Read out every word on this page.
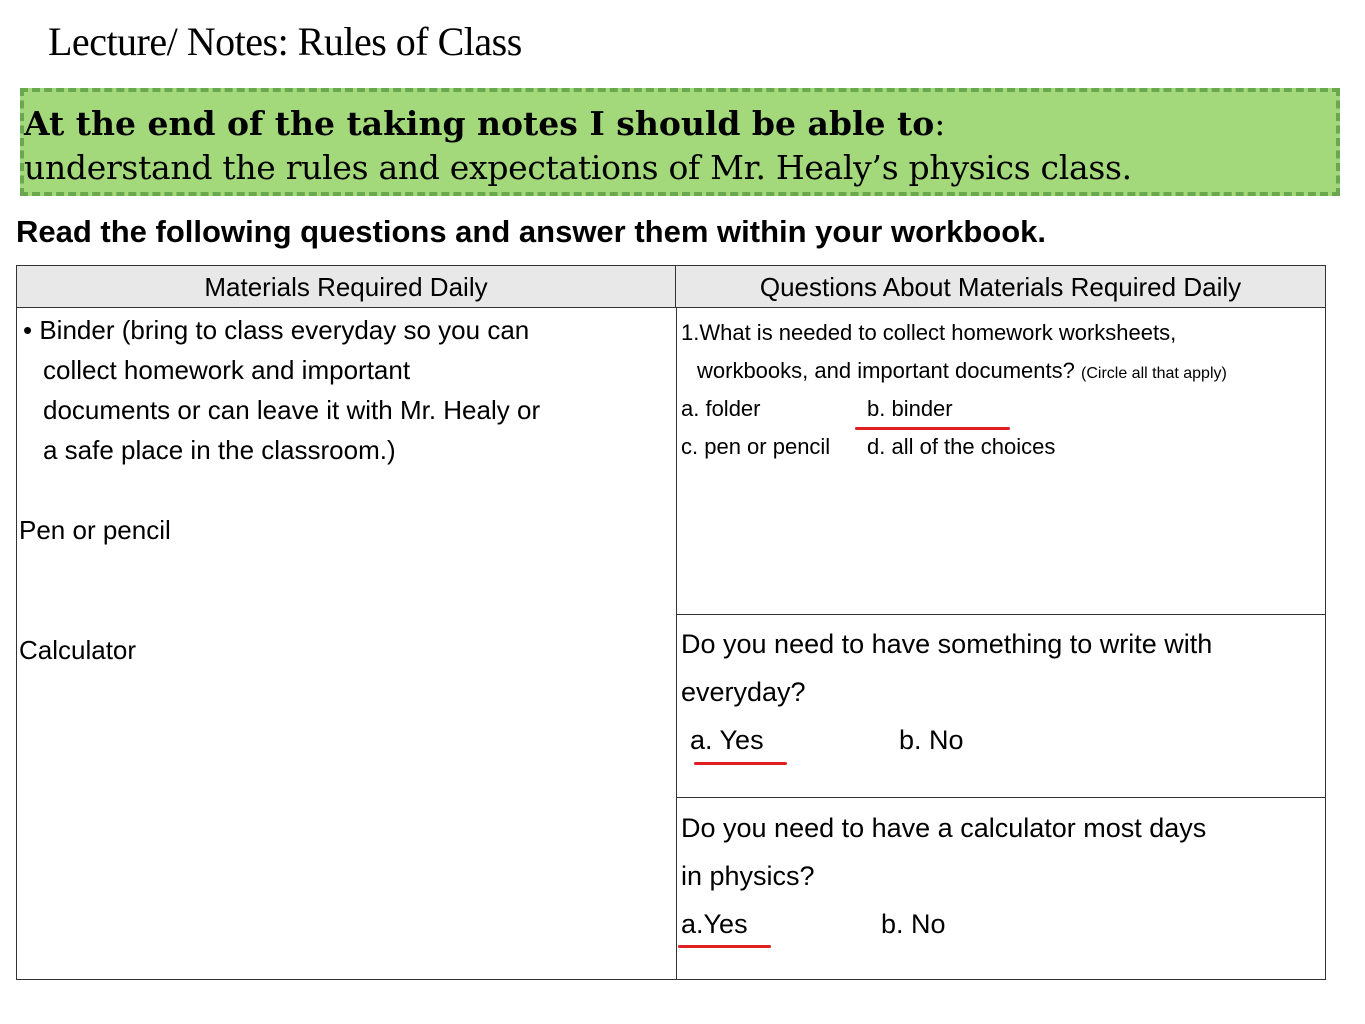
Lecture/ Notes: Rules of Class
At the end of the taking notes I should be able to:
understand the rules and expectations of Mr. Healy’s physics class.
Read the following questions and answer them within your workbook.
Materials Required Daily	Questions About Materials Required Daily
• Binder (bring to class everyday so you can
collect homework and important
documents or can leave it with Mr. Healy or
a safe place in the classroom.)
Pen or pencil
Calculator
1.What is needed to collect homework worksheets,
workbooks, and important documents? (Circle all that apply)
a. folder	b. binder
c. pen or pencil d. all of the choices
Do you need to have something to write with
everyday?
a. Yes	b. No
Do you need to have a calculator most days
in physics?
a.Yes	b. No
